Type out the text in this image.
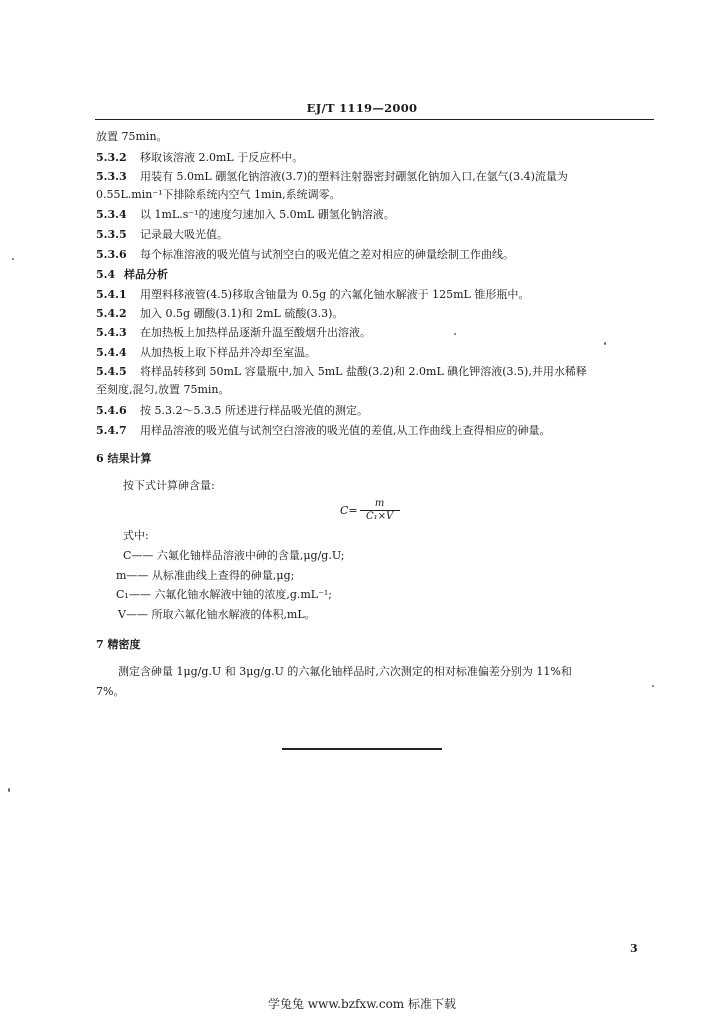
EJ/T 1119—2000
放置 75min。
5.3.2 移取该溶液 2.0mL 于反应杯中。
5.3.3 用装有 5.0mL 硼氢化钠溶液(3.7)的塑料注射器密封硼氢化钠加入口,在氩气(3.4)流量为
0.55L.min⁻¹下排除系统内空气 1min,系统调零。
5.3.4 以 1mL.s⁻¹的速度匀速加入 5.0mL 硼氢化钠溶液。
5.3.5 记录最大吸光值。
5.3.6 每个标准溶液的吸光值与试剂空白的吸光值之差对相应的砷量绘制工作曲线。
5.4 样品分析
5.4.1 用塑料移液管(4.5)移取含铀量为 0.5g 的六氟化铀水解液于 125mL 锥形瓶中。
5.4.2 加入 0.5g 硼酸(3.1)和 2mL 硫酸(3.3)。
5.4.3 在加热板上加热样品逐渐升温至酸烟升出溶液。
5.4.4 从加热板上取下样品并冷却至室温。
5.4.5 将样品转移到 50mL 容量瓶中,加入 5mL 盐酸(3.2)和 2.0mL 碘化钾溶液(3.5),并用水稀释
至刻度,混匀,放置 75min。
5.4.6 按 5.3.2～5.3.5 所述进行样品吸光值的测定。
5.4.7 用样品溶液的吸光值与试剂空白溶液的吸光值的差值,从工作曲线上查得相应的砷量。
6 结果计算
按下式计算砷含量:
$C= \frac{m}{\text{C₁×V}}$
式中:
C—— 六氟化铀样品溶液中砷的含量,μg/g.U;
m—— 从标准曲线上查得的砷量,μg;
C₁—— 六氟化铀水解液中铀的浓度,g.mL⁻¹;
V—— 所取六氟化铀水解液的体积,mL。
7 精密度
测定含砷量 1μg/g.U 和 3μg/g.U 的六氟化铀样品时,六次测定的相对标准偏差分别为 11%和
7%。
3
学兔兔 www.bzfxw.com 标准下载
